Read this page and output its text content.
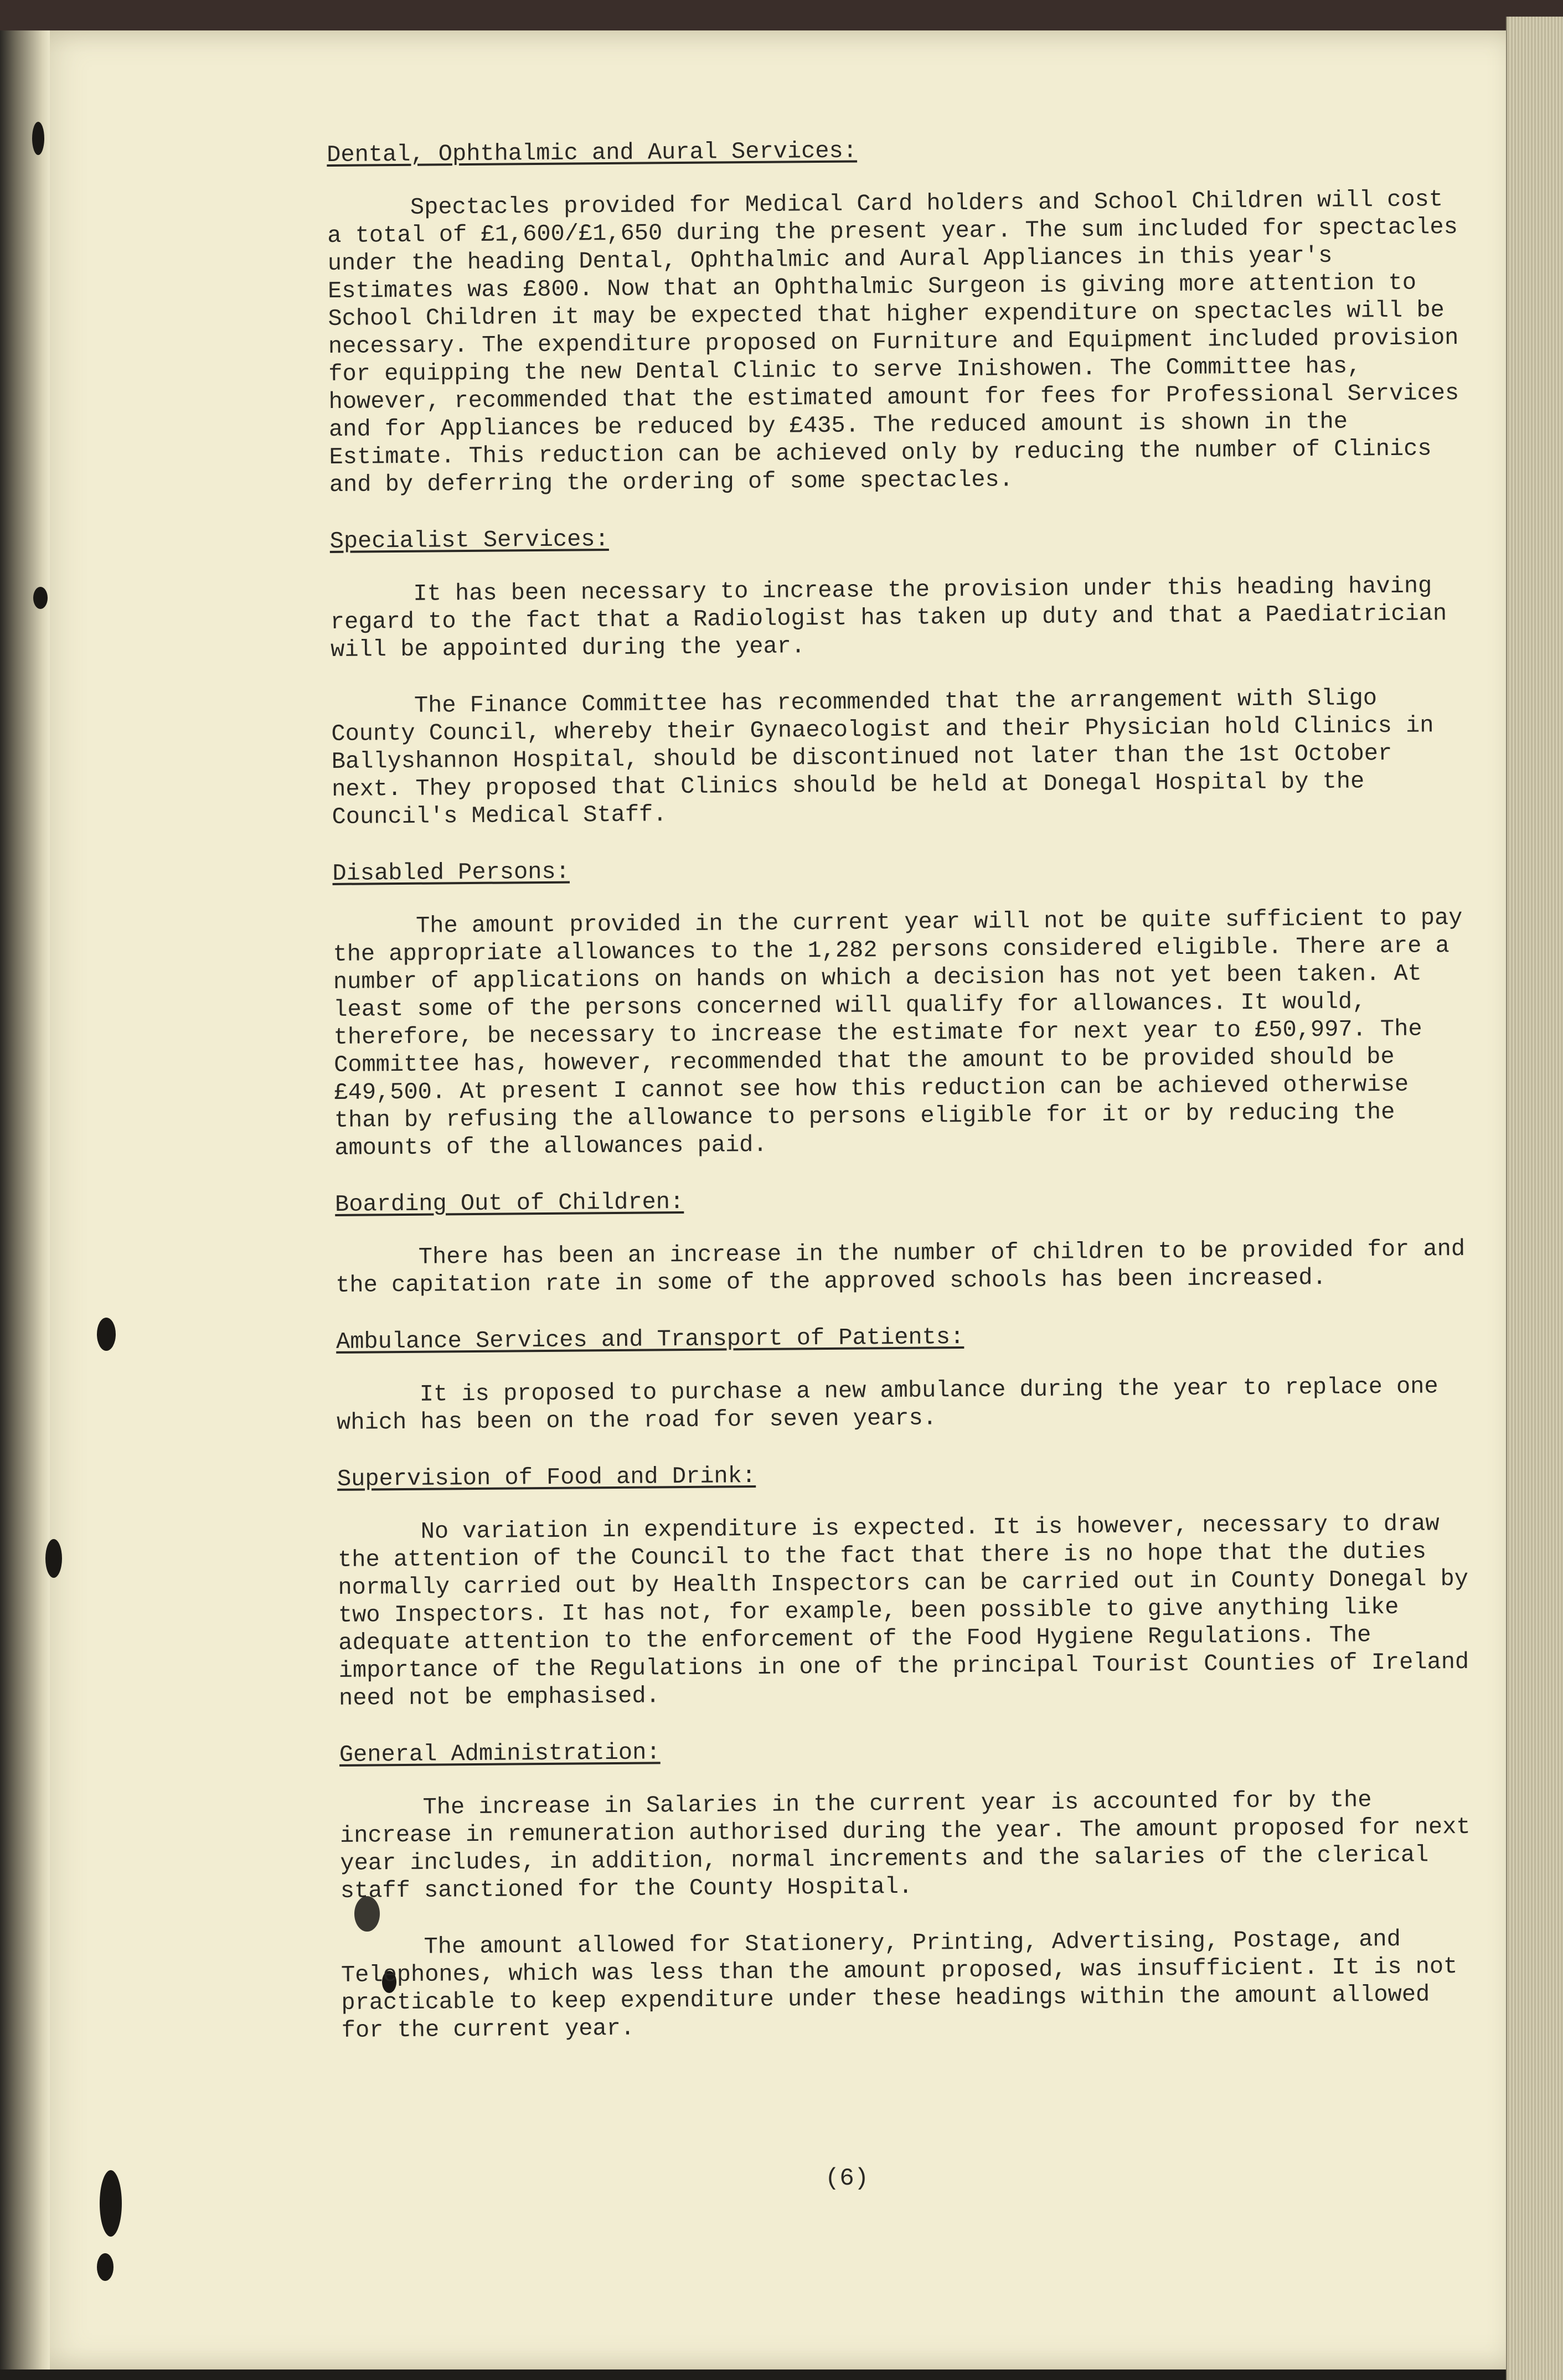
Dental, Ophthalmic and Aural Services:

Spectacles provided for Medical Card holders and School Children will cost a total of £1,600/£1,650 during the present year. The sum included for spectacles under the heading Dental, Ophthalmic and Aural Appliances in this year's Estimates was £800. Now that an Ophthalmic Surgeon is giving more attention to School Children it may be expected that higher expenditure on spectacles will be necessary. The expenditure proposed on Furniture and Equipment included provision for equipping the new Dental Clinic to serve Inishowen. The Committee has, however, recommended that the estimated amount for fees for Professional Services and for Appliances be reduced by £435. The reduced amount is shown in the Estimate. This reduction can be achieved only by reducing the number of Clinics and by deferring the ordering of some spectacles.

Specialist Services:

It has been necessary to increase the provision under this heading having regard to the fact that a Radiologist has taken up duty and that a Paediatrician will be appointed during the year.

The Finance Committee has recommended that the arrangement with Sligo County Council, whereby their Gynaecologist and their Physician hold Clinics in Ballyshannon Hospital, should be discontinued not later than the 1st October next. They proposed that Clinics should be held at Donegal Hospital by the Council's Medical Staff.

Disabled Persons:

The amount provided in the current year will not be quite sufficient to pay the appropriate allowances to the 1,282 persons considered eligible. There are a number of applications on hands on which a decision has not yet been taken. At least some of the persons concerned will qualify for allowances. It would, therefore, be necessary to increase the estimate for next year to £50,997. The Committee has, however, recommended that the amount to be provided should be £49,500. At present I cannot see how this reduction can be achieved otherwise than by refusing the allowance to persons eligible for it or by reducing the amounts of the allowances paid.

Boarding Out of Children:

There has been an increase in the number of children to be provided for and the capitation rate in some of the approved schools has been increased.

Ambulance Services and Transport of Patients:

It is proposed to purchase a new ambulance during the year to replace one which has been on the road for seven years.

Supervision of Food and Drink:

No variation in expenditure is expected. It is however, necessary to draw the attention of the Council to the fact that there is no hope that the duties normally carried out by Health Inspectors can be carried out in County Donegal by two Inspectors. It has not, for example, been possible to give anything like adequate attention to the enforcement of the Food Hygiene Regulations. The importance of the Regulations in one of the principal Tourist Counties of Ireland need not be emphasised.

General Administration:

The increase in Salaries in the current year is accounted for by the increase in remuneration authorised during the year. The amount proposed for next year includes, in addition, normal increments and the salaries of the clerical staff sanctioned for the County Hospital.

The amount allowed for Stationery, Printing, Advertising, Postage, and Telephones, which was less than the amount proposed, was insufficient. It is not practicable to keep expenditure under these headings within the amount allowed for the current year.

(6)
